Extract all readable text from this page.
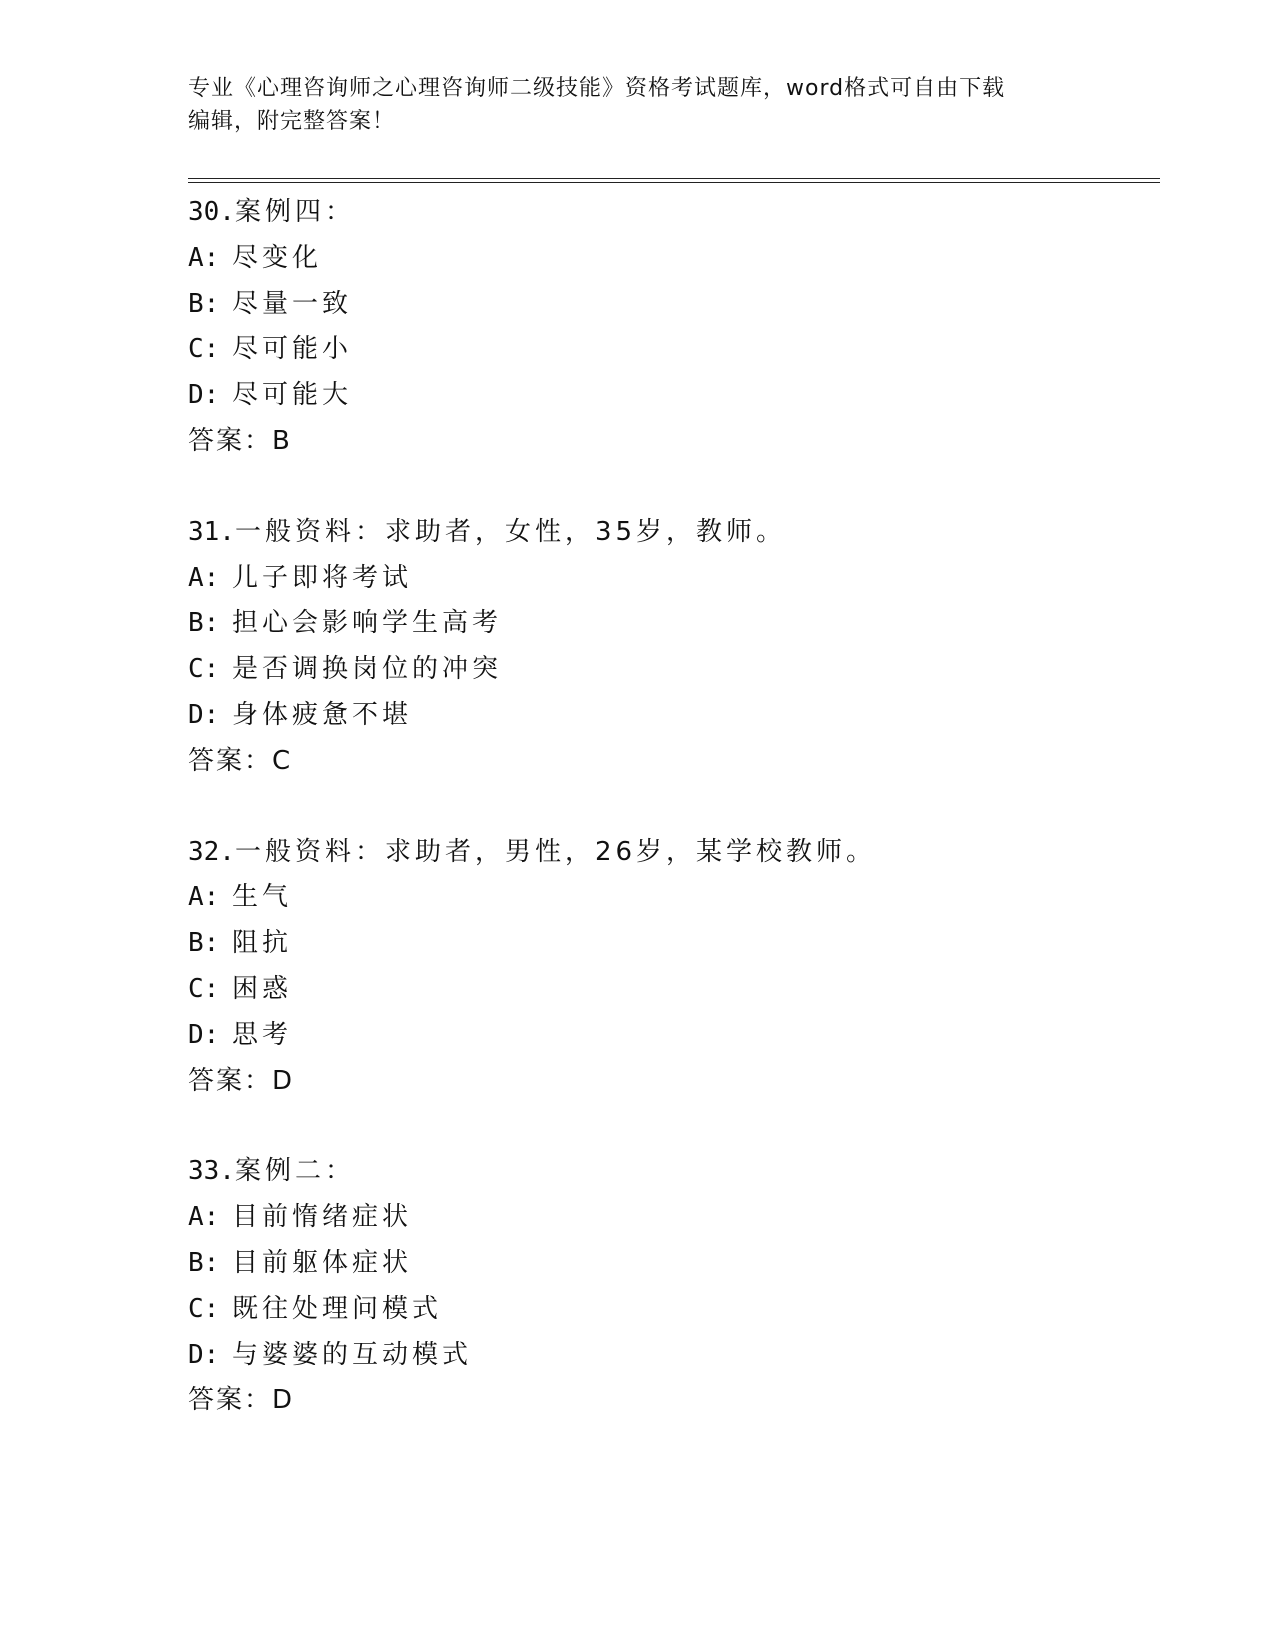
专业《心理咨询师之心理咨询师二级技能》资格考试题库，word格式可自由下载
编辑，附完整答案！
30.案例四：
A: 尽变化
B: 尽量一致
C: 尽可能小
D: 尽可能大
答案：B
31.一般资料：求助者，女性，35岁，教师。
A: 儿子即将考试
B: 担心会影响学生高考
C: 是否调换岗位的冲突
D: 身体疲惫不堪
答案：C
32.一般资料：求助者，男性，26岁，某学校教师。
A: 生气
B: 阻抗
C: 困惑
D: 思考
答案：D
33.案例二：
A: 目前惰绪症状
B: 目前躯体症状
C: 既往处理问模式
D: 与婆婆的互动模式
答案：D
